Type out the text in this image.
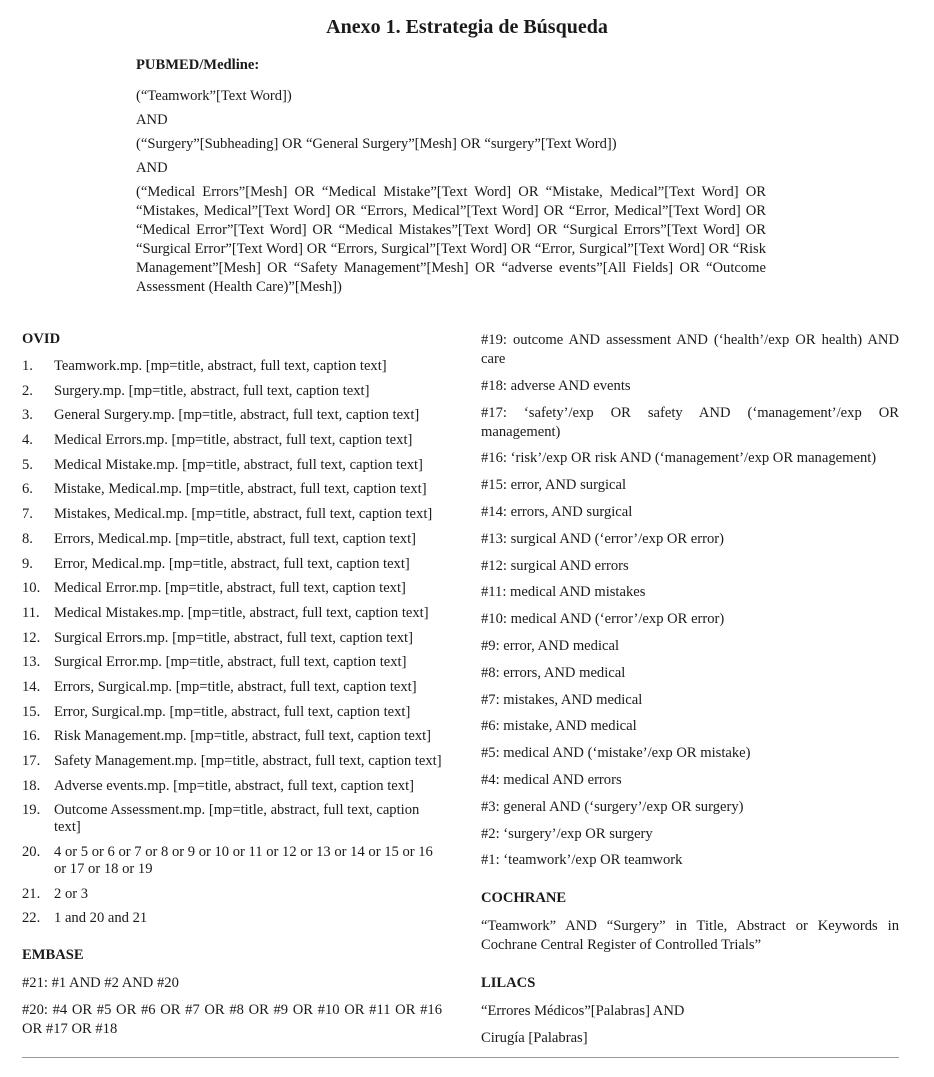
Anexo 1. Estrategia de Búsqueda

PUBMED/Medline:

(“Teamwork”[Text Word])

AND

(“Surgery”[Subheading] OR “General Surgery”[Mesh] OR “surgery”[Text Word])

AND

(“Medical Errors”[Mesh] OR “Medical Mistake”[Text Word] OR “Mistake, Medical”[Text Word] OR “Mistakes, Medical”[Text Word] OR “Errors, Medical”[Text Word] OR “Error, Medical”[Text Word] OR “Medical Error”[Text Word] OR “Medical Mistakes”[Text Word] OR “Surgical Errors”[Text Word] OR “Surgical Error”[Text Word] OR “Errors, Surgical”[Text Word] OR “Error, Surgical”[Text Word] OR “Risk Management”[Mesh] OR “Safety Management”[Mesh] OR “adverse events”[All Fields] OR “Outcome Assessment (Health Care)”[Mesh])

OVID

1.	Teamwork.mp. [mp=title, abstract, full text, caption text]
2.	Surgery.mp. [mp=title, abstract, full text, caption text]
3.	General Surgery.mp. [mp=title, abstract, full text, caption text]
4.	Medical Errors.mp. [mp=title, abstract, full text, caption text]
5.	Medical Mistake.mp. [mp=title, abstract, full text, caption text]
6.	Mistake, Medical.mp. [mp=title, abstract, full text, caption text]
7.	Mistakes, Medical.mp. [mp=title, abstract, full text, caption text]
8.	Errors, Medical.mp. [mp=title, abstract, full text, caption text]
9.	Error, Medical.mp. [mp=title, abstract, full text, caption text]
10. Medical Error.mp. [mp=title, abstract, full text, caption text]
11. Medical Mistakes.mp. [mp=title, abstract, full text, caption text]
12. Surgical Errors.mp. [mp=title, abstract, full text, caption text]
13. Surgical Error.mp. [mp=title, abstract, full text, caption text]
14. Errors, Surgical.mp. [mp=title, abstract, full text, caption text]
15. Error, Surgical.mp. [mp=title, abstract, full text, caption text]
16. Risk Management.mp. [mp=title, abstract, full text, caption text]
17. Safety Management.mp. [mp=title, abstract, full text, caption text]
18. Adverse events.mp. [mp=title, abstract, full text, caption text]
19. Outcome Assessment.mp. [mp=title, abstract, full text, caption text]
20. 4 or 5 or 6 or 7 or 8 or 9 or 10 or 11 or 12 or 13 or 14 or 15 or 16 or 17 or 18 or 19
21. 2 or 3
22. 1 and 20 and 21

EMBASE

#21: #1 AND #2 AND #20

#20: #4 OR #5 OR #6 OR #7 OR #8 OR #9 OR #10 OR #11 OR #16 OR #17 OR #18

#19: outcome AND assessment AND (‘health’/exp OR health) AND care

#18: adverse AND events

#17: ‘safety’/exp OR safety AND (‘management’/exp OR management)

#16: ‘risk’/exp OR risk AND (‘management’/exp OR management)

#15: error, AND surgical

#14: errors, AND surgical

#13: surgical AND (‘error’/exp OR error)

#12: surgical AND errors

#11: medical AND mistakes

#10: medical AND (‘error’/exp OR error)

#9: error, AND medical

#8: errors, AND medical

#7: mistakes, AND medical

#6: mistake, AND medical

#5: medical AND (‘mistake’/exp OR mistake)

#4: medical AND errors

#3: general AND (‘surgery’/exp OR surgery)

#2: ‘surgery’/exp OR surgery

#1: ‘teamwork’/exp OR teamwork

COCHRANE

“Teamwork” AND “Surgery” in Title, Abstract or Keywords in Cochrane Central Register of Controlled Trials”

LILACS

“Errores Médicos”[Palabras] AND

Cirugía [Palabras]
